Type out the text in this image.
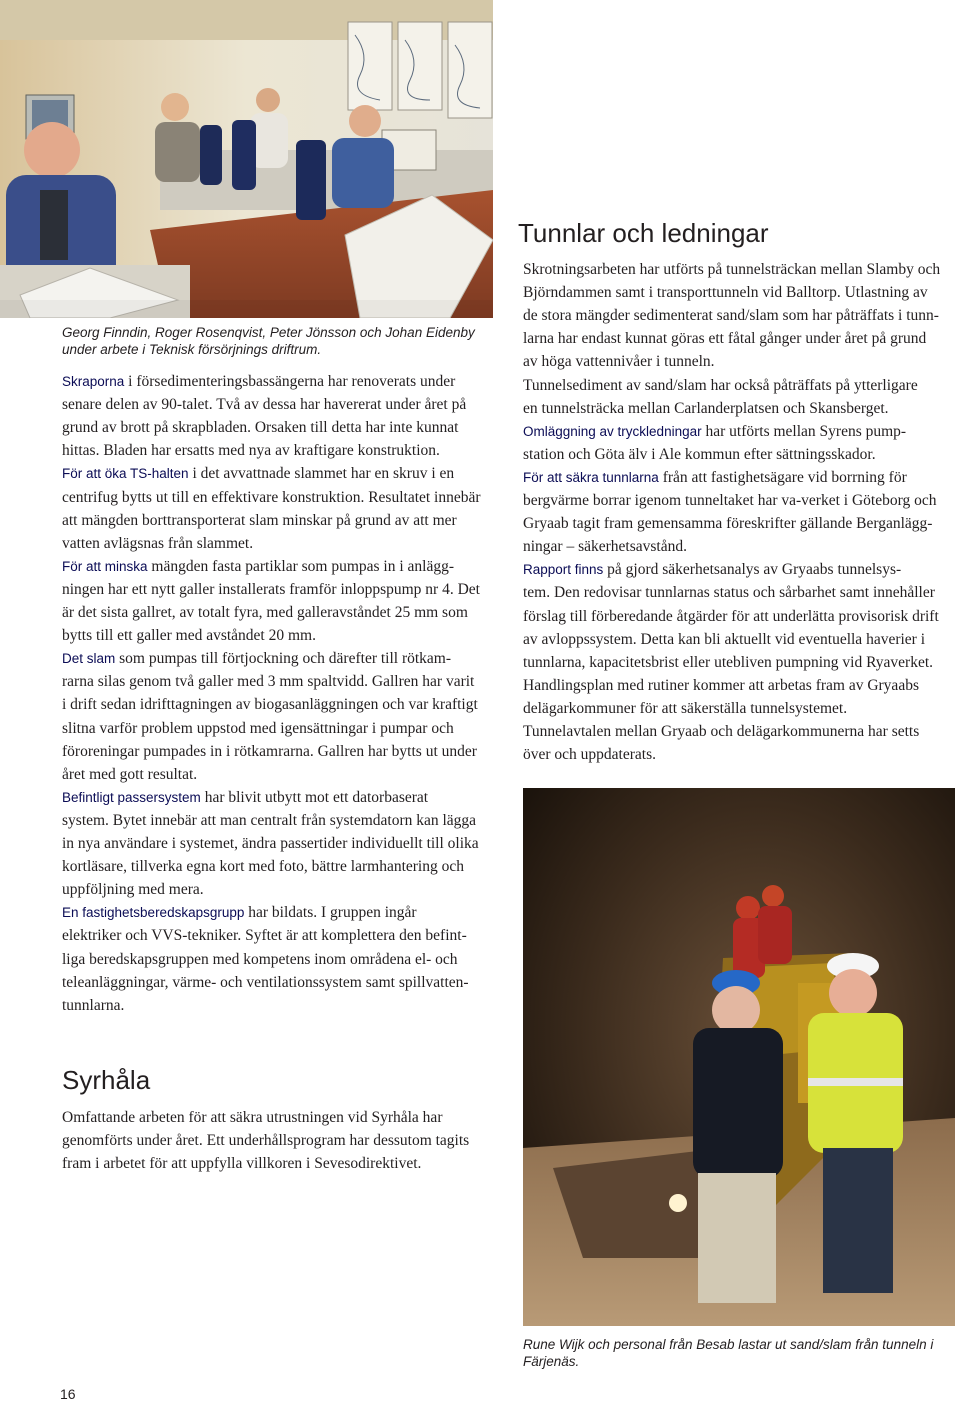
Georg Finndin, Roger Rosenqvist, Peter Jönsson och Johan Eidenby
under arbete i Teknisk försörjnings driftrum.
Skraporna i försedimenteringsbassängerna har renoverats under
senare delen av 90-talet. Två av dessa har havererat under året på
grund av brott på skrapbladen. Orsaken till detta har inte kunnat
hittas. Bladen har ersatts med nya av kraftigare konstruktion.
För att öka TS-halten i det avvattnade slammet har en skruv i en
centrifug bytts ut till en effektivare konstruktion. Resultatet innebär
att mängden borttransporterat slam minskar på grund av att mer
vatten avlägsnas från slammet.
För att minska mängden fasta partiklar som pumpas in i anlägg-
ningen har ett nytt galler installerats framför inloppspump nr 4. Det
är det sista gallret, av totalt fyra, med galleravståndet 25 mm som
bytts till ett galler med avståndet 20 mm.
Det slam som pumpas till förtjockning och därefter till rötkam-
rarna silas genom två galler med 3 mm spaltvidd. Gallren har varit
i drift sedan idrifttagningen av biogasanläggningen och var kraftigt
slitna varför problem uppstod med igensättningar i pumpar och
föroreningar pumpades in i rötkamrarna. Gallren har bytts ut under
året med gott resultat.
Befintligt passersystem har blivit utbytt mot ett datorbaserat
system. Bytet innebär att man centralt från systemdatorn kan lägga
in nya användare i systemet, ändra passertider individuellt till olika
kortläsare, tillverka egna kort med foto, bättre larmhantering och
uppföljning med mera.
En fastighetsberedskapsgrupp har bildats. I gruppen ingår
elektriker och VVS-tekniker. Syftet är att komplettera den befint-
liga beredskapsgruppen med kompetens inom områdena el- och
teleanläggningar, värme- och ventilationssystem samt spillvatten-
tunnlarna.
Syrhåla
Omfattande arbeten för att säkra utrustningen vid Syrhåla har
genomförts under året. Ett underhållsprogram har dessutom tagits
fram i arbetet för att uppfylla villkoren i Sevesodirektivet.
Tunnlar och ledningar
Skrotningsarbeten har utförts på tunnelsträckan mellan Slamby och
Björndammen samt i transporttunneln vid Balltorp. Utlastning av
de stora mängder sedimenterat sand/slam som har påträffats i tunn-
larna har endast kunnat göras ett fåtal gånger under året på grund
av höga vattennivåer i tunneln.
Tunnelsediment av sand/slam har också påträffats på ytterligare
en tunnelsträcka mellan Carlanderplatsen och Skansberget.
Omläggning av tryckledningar har utförts mellan Syrens pump-
station och Göta älv i Ale kommun efter sättningsskador.
För att säkra tunnlarna från att fastighetsägare vid borrning för
bergvärme borrar igenom tunneltaket har va-verket i Göteborg och
Gryaab tagit fram gemensamma föreskrifter gällande Berganlägg-
ningar – säkerhetsavstånd.
Rapport finns på gjord säkerhetsanalys av Gryaabs tunnelsys-
tem. Den redovisar tunnlarnas status och sårbarhet samt innehåller
förslag till förberedande åtgärder för att underlätta provisorisk drift
av avloppssystem. Detta kan bli aktuellt vid eventuella haverier i
tunnlarna, kapacitetsbrist eller utebliven pumpning vid Ryaverket.
Handlingsplan med rutiner kommer att arbetas fram av Gryaabs
delägarkommuner för att säkerställa tunnelsystemet.
Tunnelavtalen mellan Gryaab och delägarkommunerna har setts
över och uppdaterats.
Rune Wijk och personal från Besab lastar ut sand/slam från tunneln i
Färjenäs.
16
